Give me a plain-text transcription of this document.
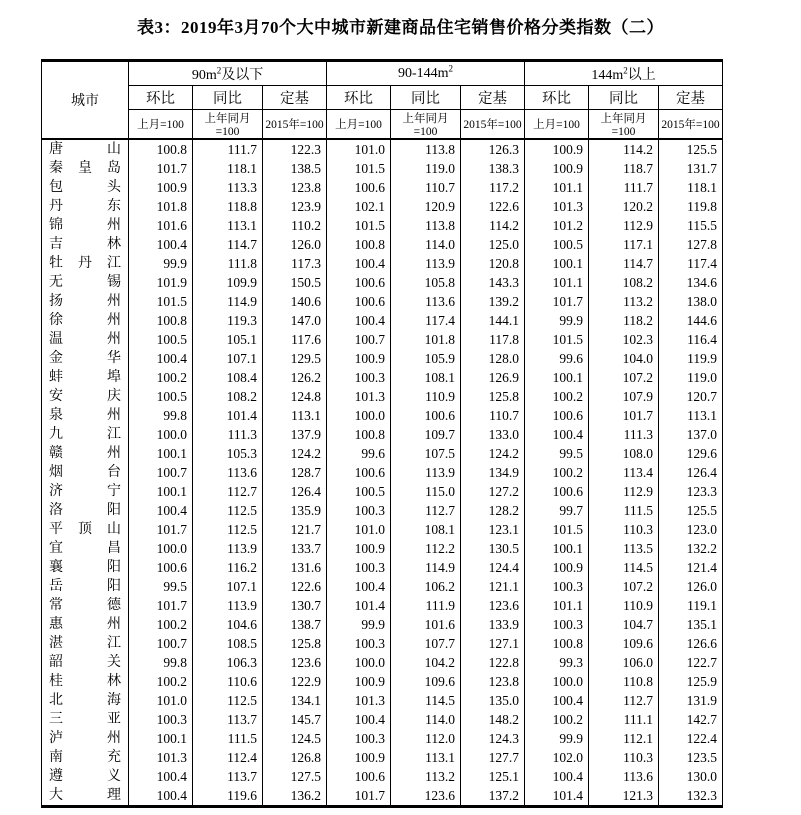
表3：2019年3月70个大中城市新建商品住宅销售价格分类指数（二）
城市	$90m^2$及以下			$90-144m^2$			$144m^2$以上		
	环比	同比	定基	环比	同比	定基	环比	同比	定基
	上月=100	上年同月=100	2015年=100	上月=100	上年同月=100	2015年=100	上月=100	上年同月=100	2015年=100

唐 山	100.8	111.7	122.3	101.0	113.8	126.3	100.9	114.2	125.5

秦 皇 岛	101.7	118.1	138.5	101.5	119.0	138.3	100.9	118.7	131.7

包 头	100.9	113.3	123.8	100.6	110.7	117.2	101.1	111.7	118.1

丹 东	101.8	118.8	123.9	102.1	120.9	122.6	101.3	120.2	119.8

锦 州	101.6	113.1	110.2	101.5	113.8	114.2	101.2	112.9	115.5

吉 林	100.4	114.7	126.0	100.8	114.0	125.0	100.5	117.1	127.8

牡 丹 江	99.9	111.8	117.3	100.4	113.9	120.8	100.1	114.7	117.4

无 锡	101.9	109.9	150.5	100.6	105.8	143.3	101.1	108.2	134.6

扬 州	101.5	114.9	140.6	100.6	113.6	139.2	101.7	113.2	138.0

徐 州	100.8	119.3	147.0	100.4	117.4	144.1	99.9	118.2	144.6

温 州	100.5	105.1	117.6	100.7	101.8	117.8	101.5	102.3	116.4

金 华	100.4	107.1	129.5	100.9	105.9	128.0	99.6	104.0	119.9

蚌 埠	100.2	108.4	126.2	100.3	108.1	126.9	100.1	107.2	119.0

安 庆	100.5	108.2	124.8	101.3	110.9	125.8	100.2	107.9	120.7

泉 州	99.8	101.4	113.1	100.0	100.6	110.7	100.6	101.7	113.1

九 江	100.0	111.3	137.9	100.8	109.7	133.0	100.4	111.3	137.0

赣 州	100.1	105.3	124.2	99.6	107.5	124.2	99.5	108.0	129.6

烟 台	100.7	113.6	128.7	100.6	113.9	134.9	100.2	113.4	126.4

济 宁	100.1	112.7	126.4	100.5	115.0	127.2	100.6	112.9	123.3

洛 阳	100.4	112.5	135.9	100.3	112.7	128.2	99.7	111.5	125.5

平 顶 山	101.7	112.5	121.7	101.0	108.1	123.1	101.5	110.3	123.0

宜 昌	100.0	113.9	133.7	100.9	112.2	130.5	100.1	113.5	132.2

襄 阳	100.6	116.2	131.6	100.3	114.9	124.4	100.9	114.5	121.4

岳 阳	99.5	107.1	122.6	100.4	106.2	121.1	100.3	107.2	126.0

常 德	101.7	113.9	130.7	101.4	111.9	123.6	101.1	110.9	119.1

惠 州	100.2	104.6	138.7	99.9	101.6	133.9	100.3	104.7	135.1

湛 江	100.7	108.5	125.8	100.3	107.7	127.1	100.8	109.6	126.6

韶 关	99.8	106.3	123.6	100.0	104.2	122.8	99.3	106.0	122.7

桂 林	100.2	110.6	122.9	100.9	109.6	123.8	100.0	110.8	125.9

北 海	101.0	112.5	134.1	101.3	114.5	135.0	100.4	112.7	131.9

三 亚	100.3	113.7	145.7	100.4	114.0	148.2	100.2	111.1	142.7

泸 州	100.1	111.5	124.5	100.3	112.0	124.3	99.9	112.1	122.4

南 充	101.3	112.4	126.8	100.9	113.1	127.7	102.0	110.3	123.5

遵 义	100.4	113.7	127.5	100.6	113.2	125.1	100.4	113.6	130.0

大 理	100.4	119.6	136.2	101.7	123.6	137.2	101.4	121.3	132.3
